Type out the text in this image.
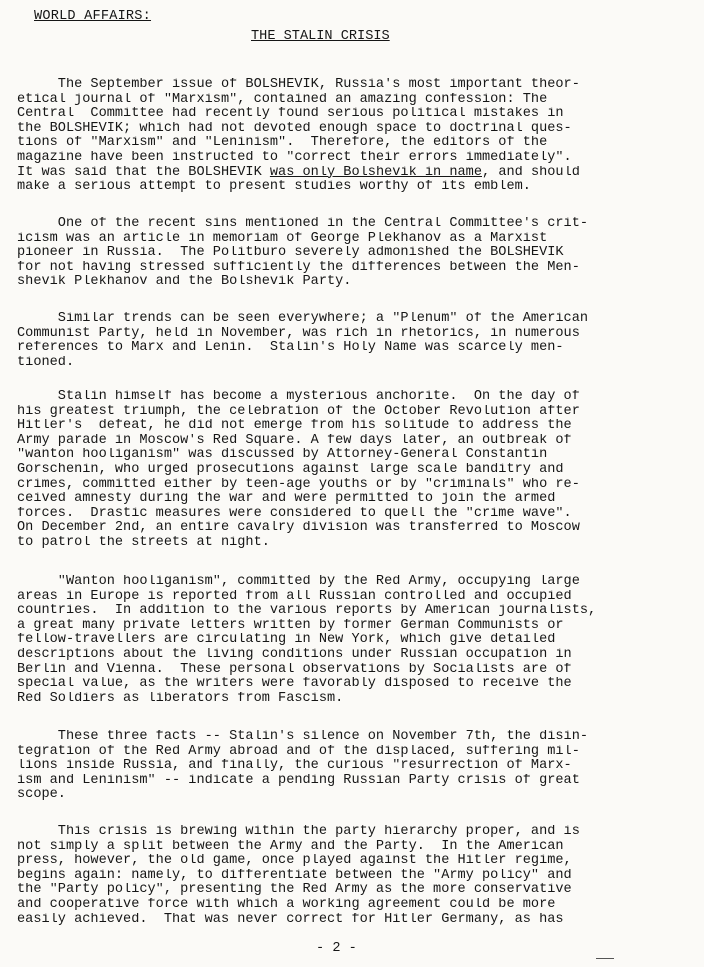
WORLD AFFAIRS:
THE STALIN CRISIS
The September issue of BOLSHEVIK, Russia's most important theor-
etical journal of "Marxism", contained an amazing confession: The
Central  Committee had recently found serious political mistakes in
the BOLSHEVIK; which had not devoted enough space to doctrinal ques-
tions of "Marxism" and "Leninism".  Therefore, the editors of the
magazine have been instructed to "correct their errors immediately".
It was said that the BOLSHEVIK was only Bolshevik in name, and should
make a serious attempt to present studies worthy of its emblem.
One of the recent sins mentioned in the Central Committee's crit-
icism was an article in memoriam of George Plekhanov as a Marxist
pioneer in Russia.  The Politburo severely admonished the BOLSHEVIK
for not having stressed sufficiently the differences between the Men-
shevik Plekhanov and the Bolshevik Party.
Similar trends can be seen everywhere; a "Plenum" of the American
Communist Party, held in November, was rich in rhetorics, in numerous
references to Marx and Lenin.  Stalin's Holy Name was scarcely men-
tioned.
Stalin himself has become a mysterious anchorite.  On the day of
his greatest triumph, the celebration of the October Revolution after
Hitler's  defeat, he did not emerge from his solitude to address the
Army parade in Moscow's Red Square. A few days later, an outbreak of
"wanton hooliganism" was discussed by Attorney-General Constantin
Gorschenin, who urged prosecutions against large scale banditry and
crimes, committed either by teen-age youths or by "criminals" who re-
ceived amnesty during the war and were permitted to join the armed
forces.  Drastic measures were considered to quell the "crime wave".
On December 2nd, an entire cavalry division was transferred to Moscow
to patrol the streets at night.
"Wanton hooliganism", committed by the Red Army, occupying large
areas in Europe is reported from all Russian controlled and occupied
countries.  In addition to the various reports by American journalists,
a great many private letters written by former German Communists or
fellow-travellers are circulating in New York, which give detailed
descriptions about the living conditions under Russian occupation in
Berlin and Vienna.  These personal observations by Socialists are of
special value, as the writers were favorably disposed to receive the
Red Soldiers as liberators from Fascism.
These three facts -- Stalin's silence on November 7th, the disin-
tegration of the Red Army abroad and of the displaced, suffering mil-
lions inside Russia, and finally, the curious "resurrection of Marx-
ism and Leninism" -- indicate a pending Russian Party crisis of great
scope.
This crisis is brewing within the party hierarchy proper, and is
not simply a split between the Army and the Party.  In the American
press, however, the old game, once played against the Hitler regime,
begins again: namely, to differentiate between the "Army policy" and
the "Party policy", presenting the Red Army as the more conservative
and cooperative force with which a working agreement could be more
easily achieved.  That was never correct for Hitler Germany, as has
- 2 -
